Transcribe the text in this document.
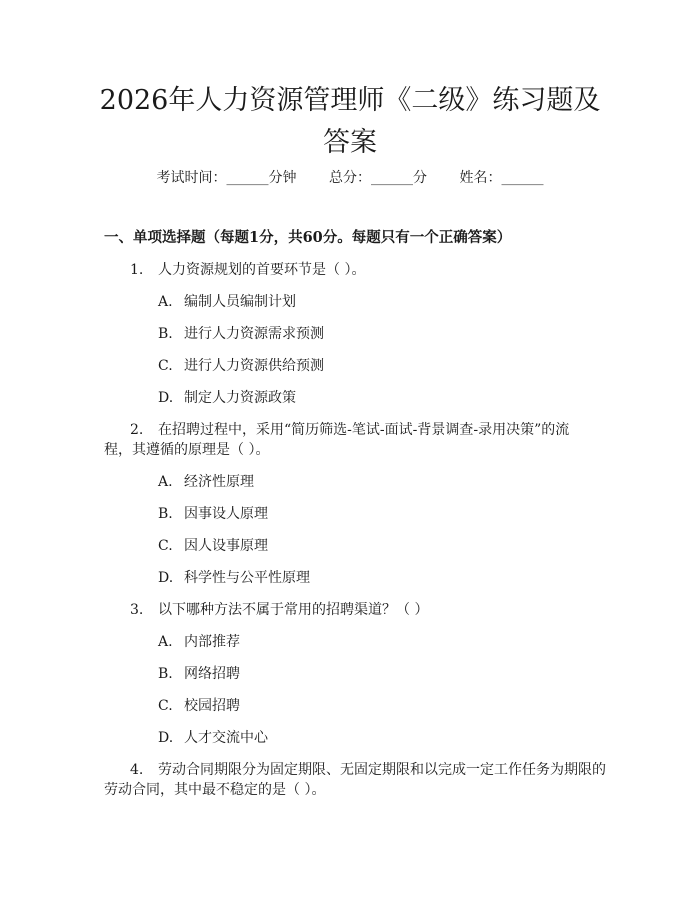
2026年人力资源管理师《二级》练习题及答案
考试时间：______分钟 总分：______分 姓名：______
一、单项选择题（每题1分，共60分。每题只有一个正确答案）
1. 人力资源规划的首要环节是（ ）。
A. 编制人员编制计划
B. 进行人力资源需求预测
C. 进行人力资源供给预测
D. 制定人力资源政策
2. 在招聘过程中，采用“简历筛选-笔试-面试-背景调查-录用决策”的流
程，其遵循的原理是（ ）。
A. 经济性原理
B. 因事设人原理
C. 因人设事原理
D. 科学性与公平性原理
3. 以下哪种方法不属于常用的招聘渠道？（ ）
A. 内部推荐
B. 网络招聘
C. 校园招聘
D. 人才交流中心
4. 劳动合同期限分为固定期限、无固定期限和以完成一定工作任务为期限的
劳动合同，其中最不稳定的是（ ）。
